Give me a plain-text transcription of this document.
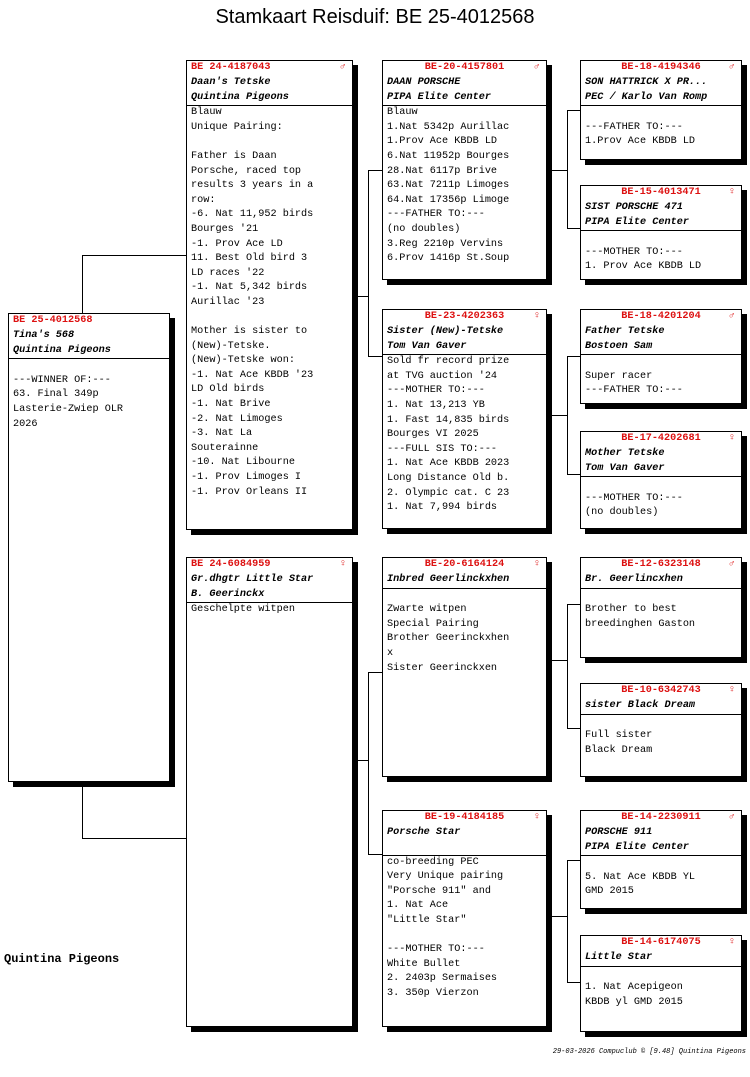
Stamkaart Reisduif: BE 25-4012568
BE 25-4012568
Tina's 568
Quintina Pigeons

---WINNER OF:---
63. Final 349p
Lasterie-Zwiep OLR
2026
BE 24-4187043	♂
Daan's Tetske
Quintina Pigeons
Blauw
Unique Pairing:

Father is Daan
Porsche, raced top
results 3 years in a
row:
-6. Nat 11,952 birds
Bourges '21
-1. Prov Ace LD
11. Best Old bird 3
LD races '22
-1. Nat 5,342 birds
Aurillac '23

Mother is sister to
(New)-Tetske.
(New)-Tetske won:
-1. Nat Ace KBDB '23
LD Old birds
-1. Nat Brive
-2. Nat Limoges
-3. Nat La
Souterainne
-10. Nat Libourne
-1. Prov Limoges I
-1. Prov Orleans II
BE 24-6084959	♀
Gr.dhgtr Little Star
B. Geerinckx
Geschelpte witpen
BE-20-4157801	♂
DAAN PORSCHE
PIPA Elite Center
Blauw
1.Nat 5342p Aurillac
1.Prov Ace KBDB LD
6.Nat 11952p Bourges
28.Nat 6117p Brive
63.Nat 7211p Limoges
64.Nat 17356p Limoge
---FATHER TO:---
(no doubles)
3.Reg 2210p Vervins
6.Prov 1416p St.Soup
BE-23-4202363	♀
Sister (New)-Tetske
Tom Van Gaver
Sold fr record prize
at TVG auction '24
---MOTHER TO:---
1. Nat 13,213 YB
1. Fast 14,835 birds
Bourges VI 2025
---FULL SIS TO:---
1. Nat Ace KBDB 2023
Long Distance Old b.
2. Olympic cat. C 23
1. Nat 7,994 birds
BE-20-6164124	♀
Inbred Geerlinckxhen

Zwarte witpen
Special Pairing
Brother Geerinckxhen
x
Sister Geerinckxen
BE-19-4184185	♀
Porsche Star
co-breeding PEC
Very Unique pairing
"Porsche 911" and
1. Nat Ace
"Little Star"

---MOTHER TO:---
White Bullet
2. 2403p Sermaises
3. 350p Vierzon
BE-18-4194346	♂
SON HATTRICK X PR...
PEC / Karlo Van Romp

---FATHER TO:---
1.Prov Ace KBDB LD
BE-15-4013471	♀
SIST PORSCHE 471
PIPA Elite Center

---MOTHER TO:---
1. Prov Ace KBDB LD
BE-18-4201204	♂
Father Tetske
Bostoen Sam

Super racer
---FATHER TO:---
BE-17-4202681	♀
Mother Tetske
Tom Van Gaver

---MOTHER TO:---
(no doubles)
BE-12-6323148	♂
Br. Geerlincxhen

Brother to best
breedinghen Gaston
BE-10-6342743	♀
sister Black Dream

Full sister
Black Dream
BE-14-2230911	♂
PORSCHE 911
PIPA Elite Center

5. Nat Ace KBDB YL
GMD 2015
BE-14-6174075	♀
Little Star

1. Nat Acepigeon
KBDB yl GMD 2015
Quintina Pigeons
29-03-2026 Compuclub © [9.48] Quintina Pigeons
